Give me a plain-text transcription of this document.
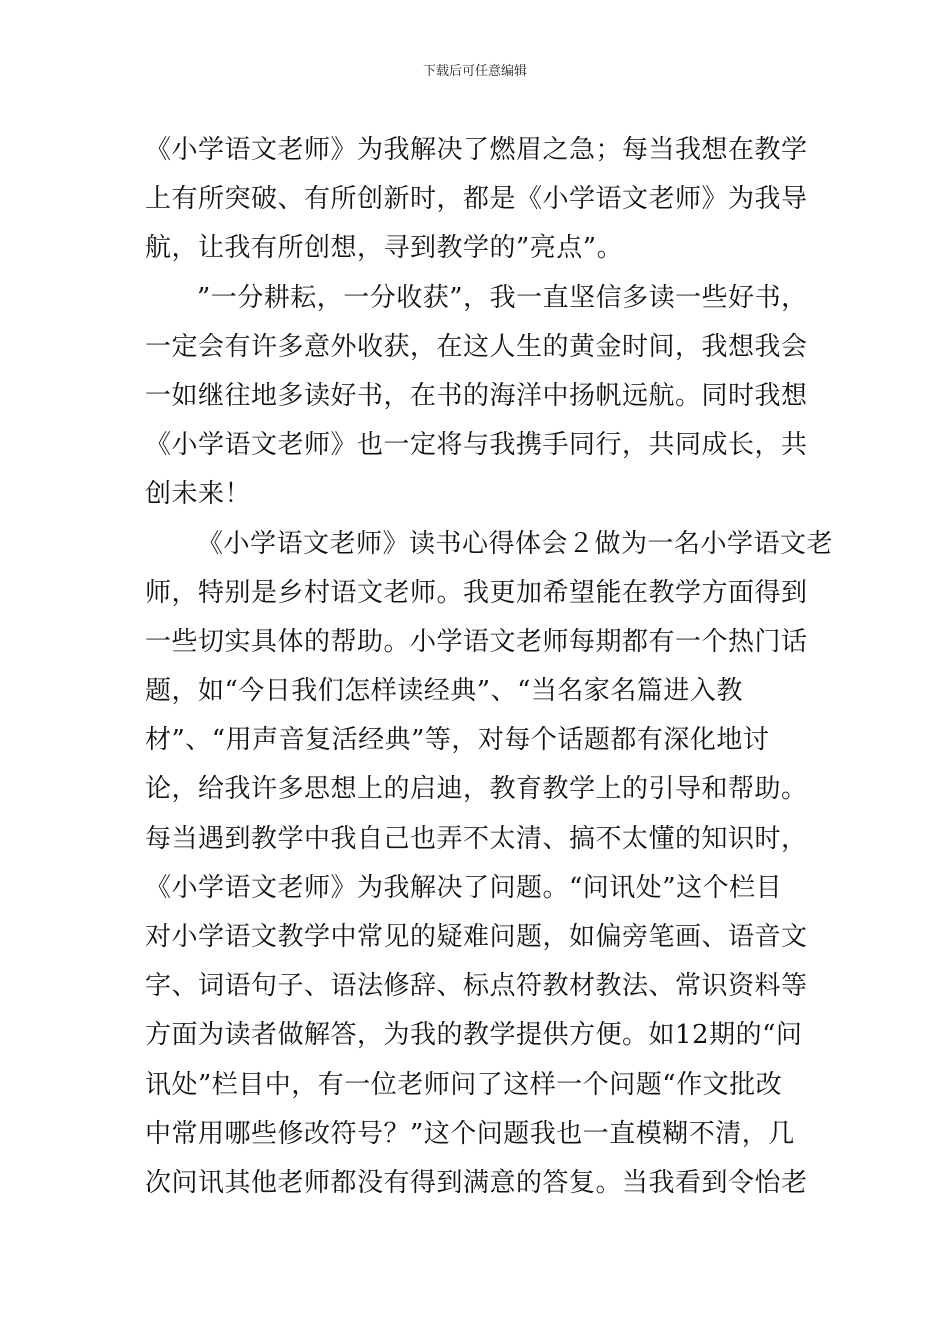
下载后可任意编辑
《小学语文老师》为我解决了燃眉之急；每当我想在教学
上有所突破、有所创新时，都是《小学语文老师》为我导
航，让我有所创想，寻到教学的”亮点”。
”一分耕耘，一分收获”，我一直坚信多读一些好书，
一定会有许多意外收获，在这人生的黄金时间，我想我会
一如继往地多读好书，在书的海洋中扬帆远航。同时我想
《小学语文老师》也一定将与我携手同行，共同成长，共
创未来！
《小学语文老师》读书心得体会２做为一名小学语文老
师，特别是乡村语文老师。我更加希望能在教学方面得到
一些切实具体的帮助。小学语文老师每期都有一个热门话
题，如“今日我们怎样读经典”、“当名家名篇进入教
材”、“用声音复活经典”等，对每个话题都有深化地讨
论，给我许多思想上的启迪，教育教学上的引导和帮助。
每当遇到教学中我自己也弄不太清、搞不太懂的知识时，
《小学语文老师》为我解决了问题。“问讯处”这个栏目
对小学语文教学中常见的疑难问题，如偏旁笔画、语音文
字、词语句子、语法修辞、标点符教材教法、常识资料等
方面为读者做解答，为我的教学提供方便。如12期的“问
讯处”栏目中，有一位老师问了这样一个问题“作文批改
中常用哪些修改符号？”这个问题我也一直模糊不清，几
次问讯其他老师都没有得到满意的答复。当我看到令怡老
